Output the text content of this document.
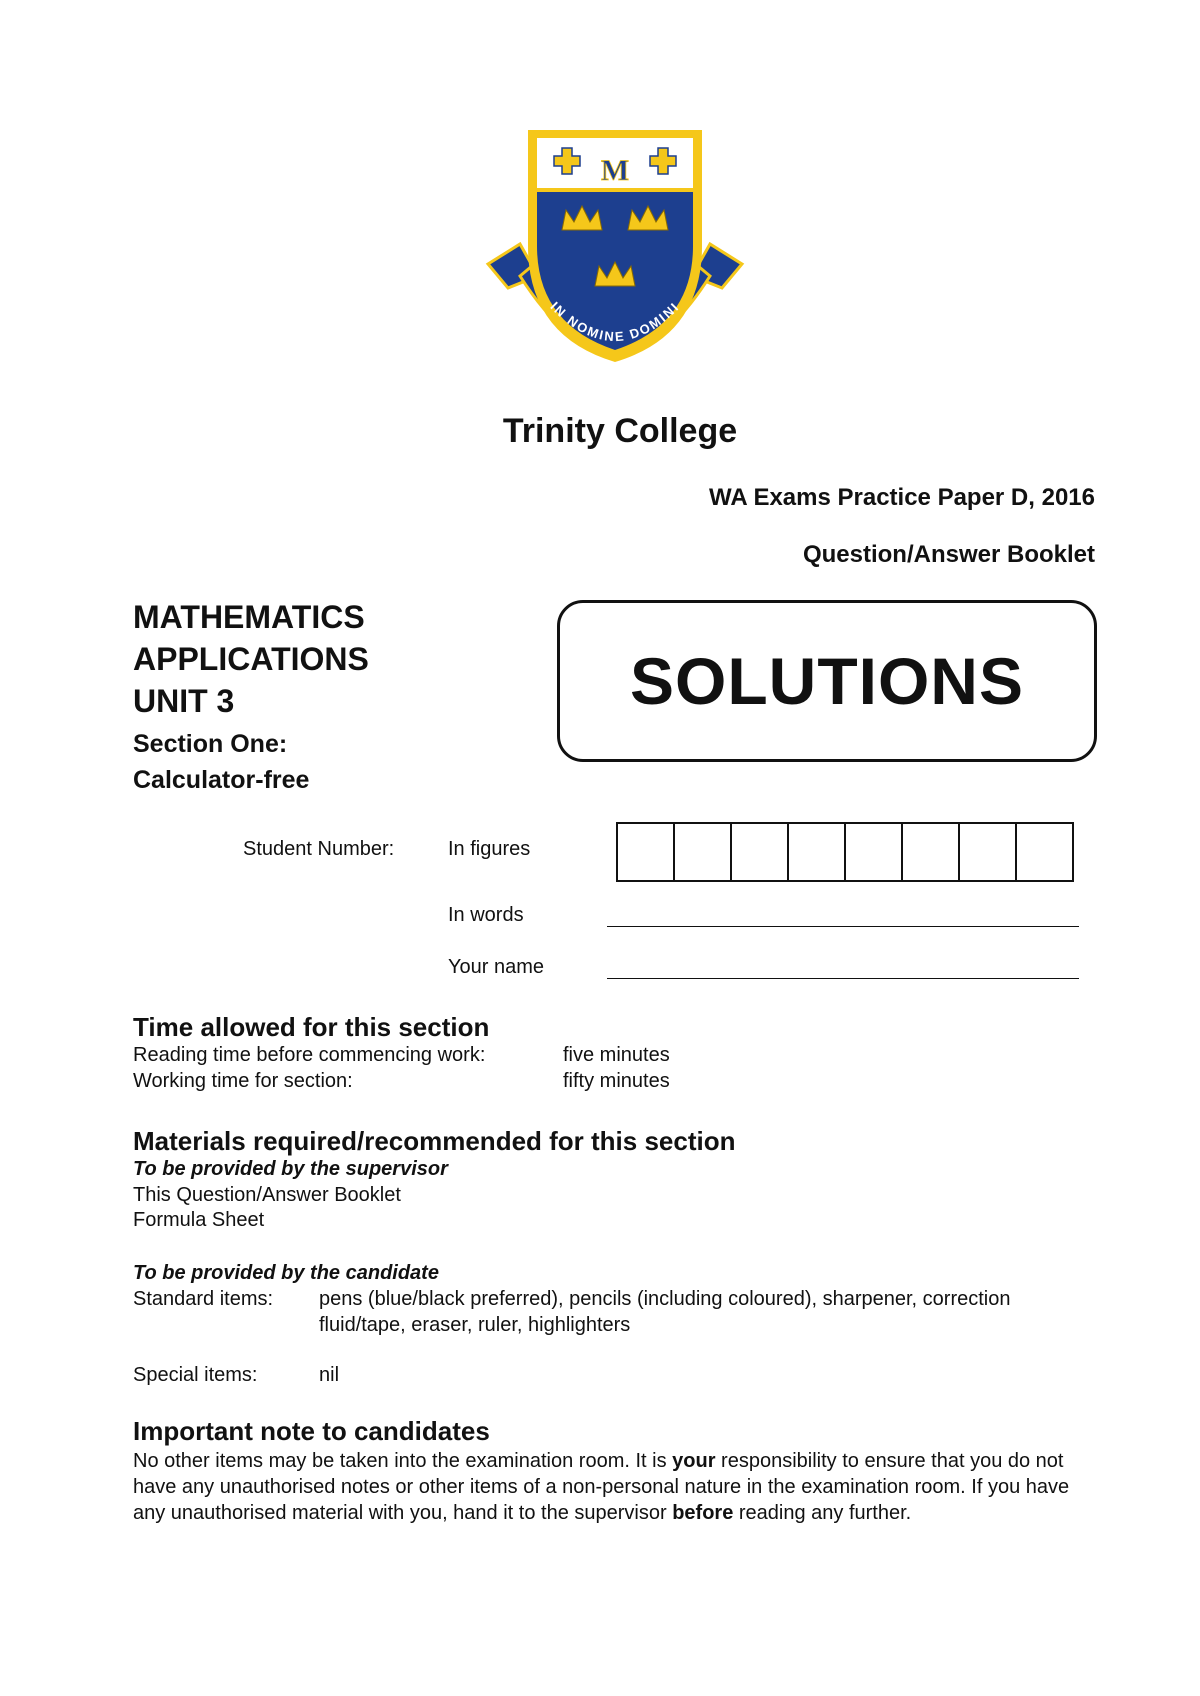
M
IN NOMINE DOMINI
Trinity College
WA Exams Practice Paper D, 2016
Question/Answer Booklet
MATHEMATICS
APPLICATIONS
UNIT 3
Section One:
Calculator-free
SOLUTIONS
Student Number:	In figures
In words
Your name
Time allowed for this section
Reading time before commencing work:	five minutes
Working time for section:	fifty minutes
Materials required/recommended for this section
To be provided by the supervisor
This Question/Answer Booklet
Formula Sheet
To be provided by the candidate
Standard items: pens (blue/black preferred), pencils (including coloured), sharpener, correction
fluid/tape, eraser, ruler, highlighters
Special items:	nil
Important note to candidates
No other items may be taken into the examination room. It is your responsibility to ensure that you do not have any unauthorised notes or other items of a non-personal nature in the examination room. If you have any unauthorised material with you, hand it to the supervisor before reading any further.
